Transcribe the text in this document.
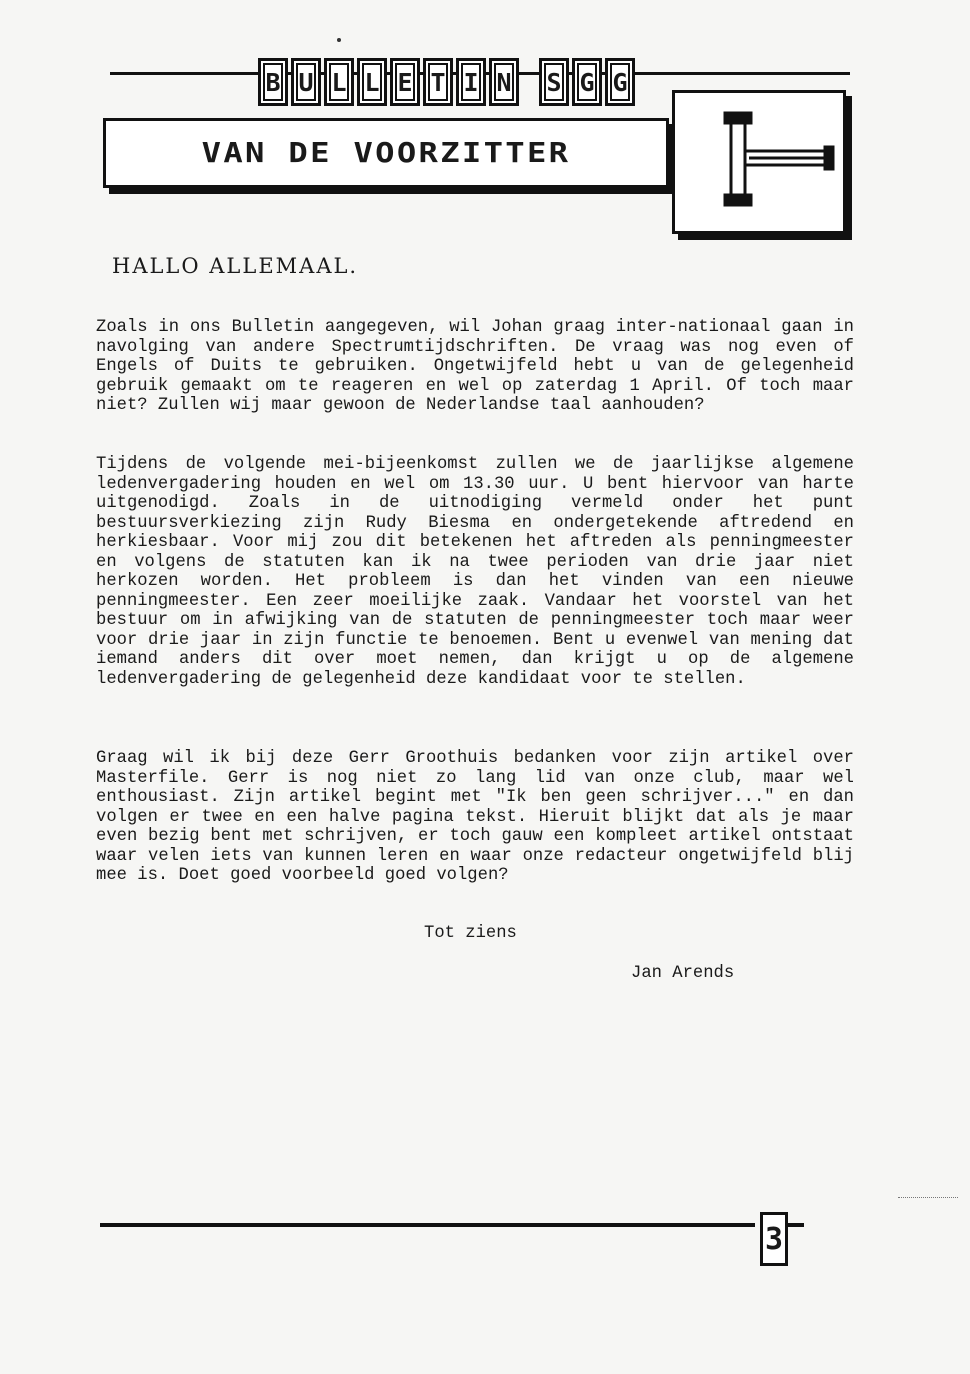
B U L L E T I N S G G
VAN DE VOORZITTER
HALLO ALLEMAAL.

Zoals in ons Bulletin aangegeven, wil Johan graag inter-nationaal gaan in navolging van andere Spectrumtijdschriften. De vraag was nog even of Engels of Duits te gebruiken. Ongetwijfeld hebt u van de gelegenheid gebruik gemaakt om te reageren en wel op zaterdag 1 April. Of toch maar niet? Zullen wij maar gewoon de Nederlandse taal aanhouden?

Tijdens de volgende mei-bijeenkomst zullen we de jaarlijkse algemene ledenvergadering houden en wel om 13.30 uur. U bent hiervoor van harte uitgenodigd. Zoals in de uitnodiging vermeld onder het punt bestuursverkiezing zijn Rudy Biesma en ondergetekende aftredend en herkiesbaar. Voor mij zou dit betekenen het aftreden als penningmeester en volgens de statuten kan ik na twee perioden van drie jaar niet herkozen worden. Het probleem is dan het vinden van een nieuwe penningmeester. Een zeer moeilijke zaak. Vandaar het voorstel van het bestuur om in afwijking van de statuten de penningmeester toch maar weer voor drie jaar in zijn functie te benoemen. Bent u evenwel van mening dat iemand anders dit over moet nemen, dan krijgt u op de algemene ledenvergadering de gelegenheid deze kandidaat voor te stellen.

Graag wil ik bij deze Gerr Groothuis bedanken voor zijn artikel over Masterfile. Gerr is nog niet zo lang lid van onze club, maar wel enthousiast. Zijn artikel begint met "Ik ben geen schrijver..." en dan volgen er twee en een halve pagina tekst. Hieruit blijkt dat als je maar even bezig bent met schrijven, er toch gauw een kompleet artikel ontstaat waar velen iets van kunnen leren en waar onze redacteur ongetwijfeld blij mee is. Doet goed voorbeeld goed volgen?

Tot ziens
Jan Arends
3
